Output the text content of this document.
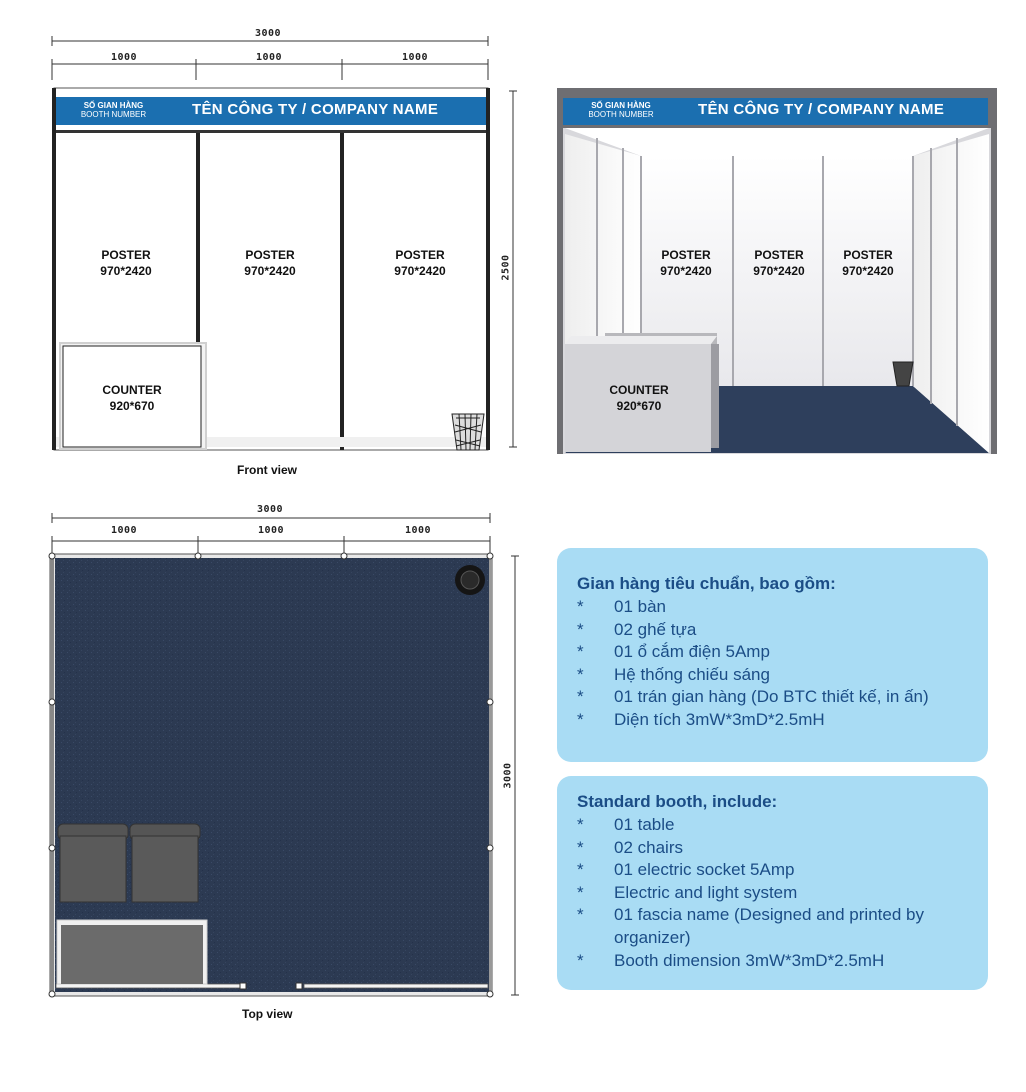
3000
1000	1000	1000
2500
SỐ GIAN HÀNG
BOOTH NUMBER	TÊN CÔNG TY / COMPANY NAME
POSTER
970*2420
POSTER
970*2420
POSTER
970*2420
COUNTER
920*670
Front view
SỐ GIAN HÀNG
BOOTH NUMBER	TÊN CÔNG TY / COMPANY NAME
POSTER
970*2420
POSTER
970*2420
POSTER
970*2420
COUNTER
920*670
3000
1000	1000	1000
3000
Top view
Gian hàng tiêu chuẩn, bao gồm:
* 01 bàn
* 02 ghế tựa
* 01 ổ cắm điện 5Amp
* Hệ thống chiếu sáng
* 01 trán gian hàng (Do BTC thiết kế, in ấn)
* Diện tích 3mW*3mD*2.5mH
Standard booth, include:
* 01 table
* 02 chairs
* 01 electric socket 5Amp
* Electric and light system
* 01 fascia name (Designed and printed by organizer)
* Booth dimension 3mW*3mD*2.5mH
